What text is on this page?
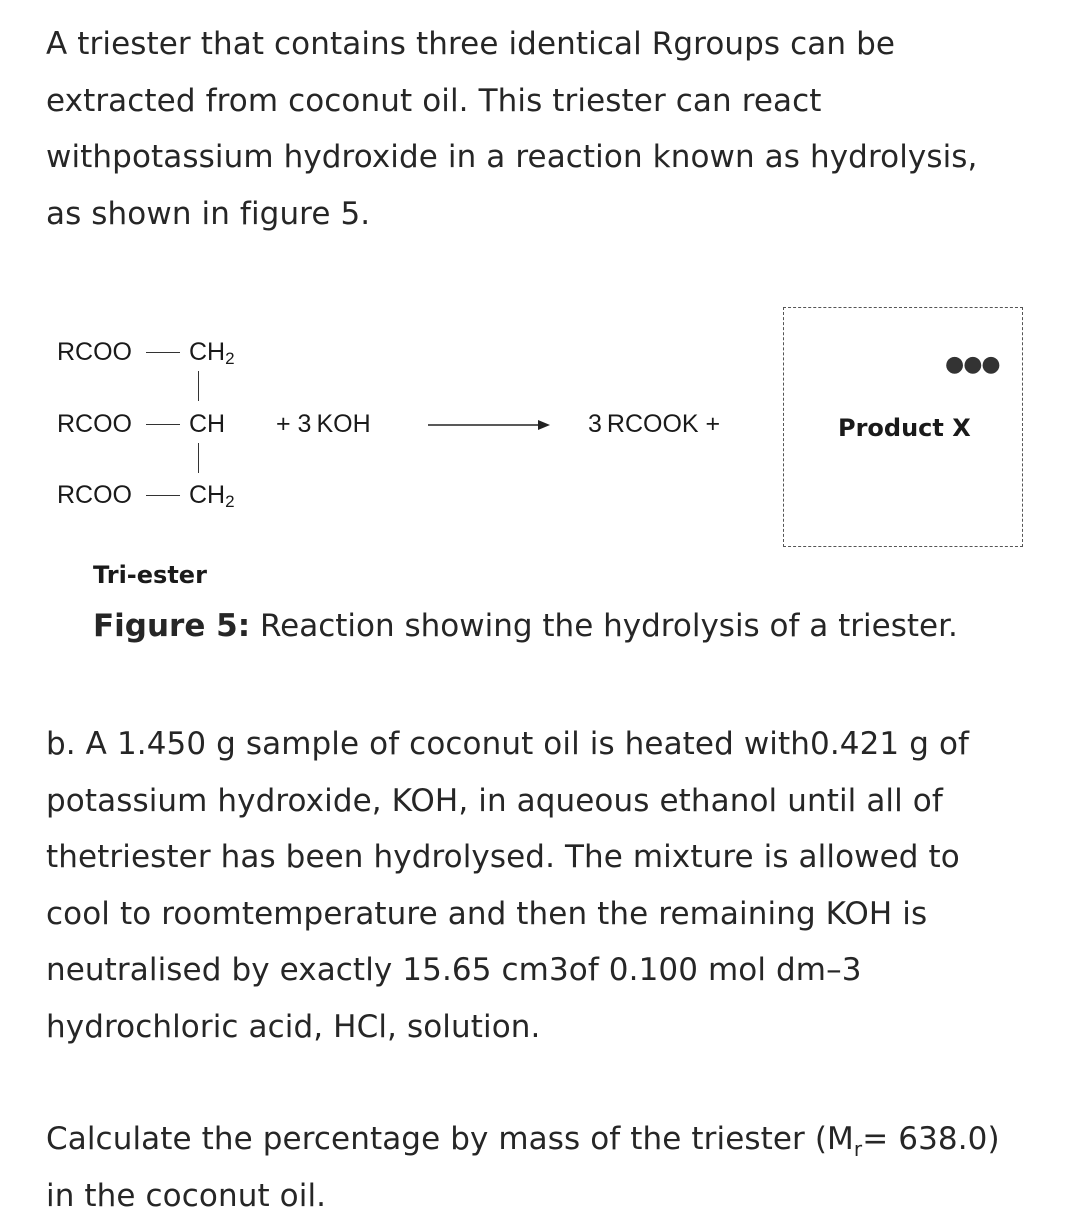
A triester that contains three identical Rgroups can be
extracted from coconut oil. This triester can react
withpotassium hydroxide in a reaction known as hydrolysis,
as shown in figure 5.

RCOO $CH_2$
RCOO CH
RCOO $CH_2$
+ 3 KOH	3 RCOOK +
●●●
Product X
Tri-ester
Figure 5: Reaction showing the hydrolysis of a triester.

b. A 1.450 g sample of coconut oil is heated with0.421 g of
potassium hydroxide, KOH, in aqueous ethanol until all of
thetriester has been hydrolysed. The mixture is allowed to
cool to roomtemperature and then the remaining KOH is
neutralised by exactly 15.65 cm3of 0.100 mol dm–3
hydrochloric acid, HCl, solution.

Calculate the percentage by mass of the triester $(M_r= 638.0)$
in the coconut oil.
